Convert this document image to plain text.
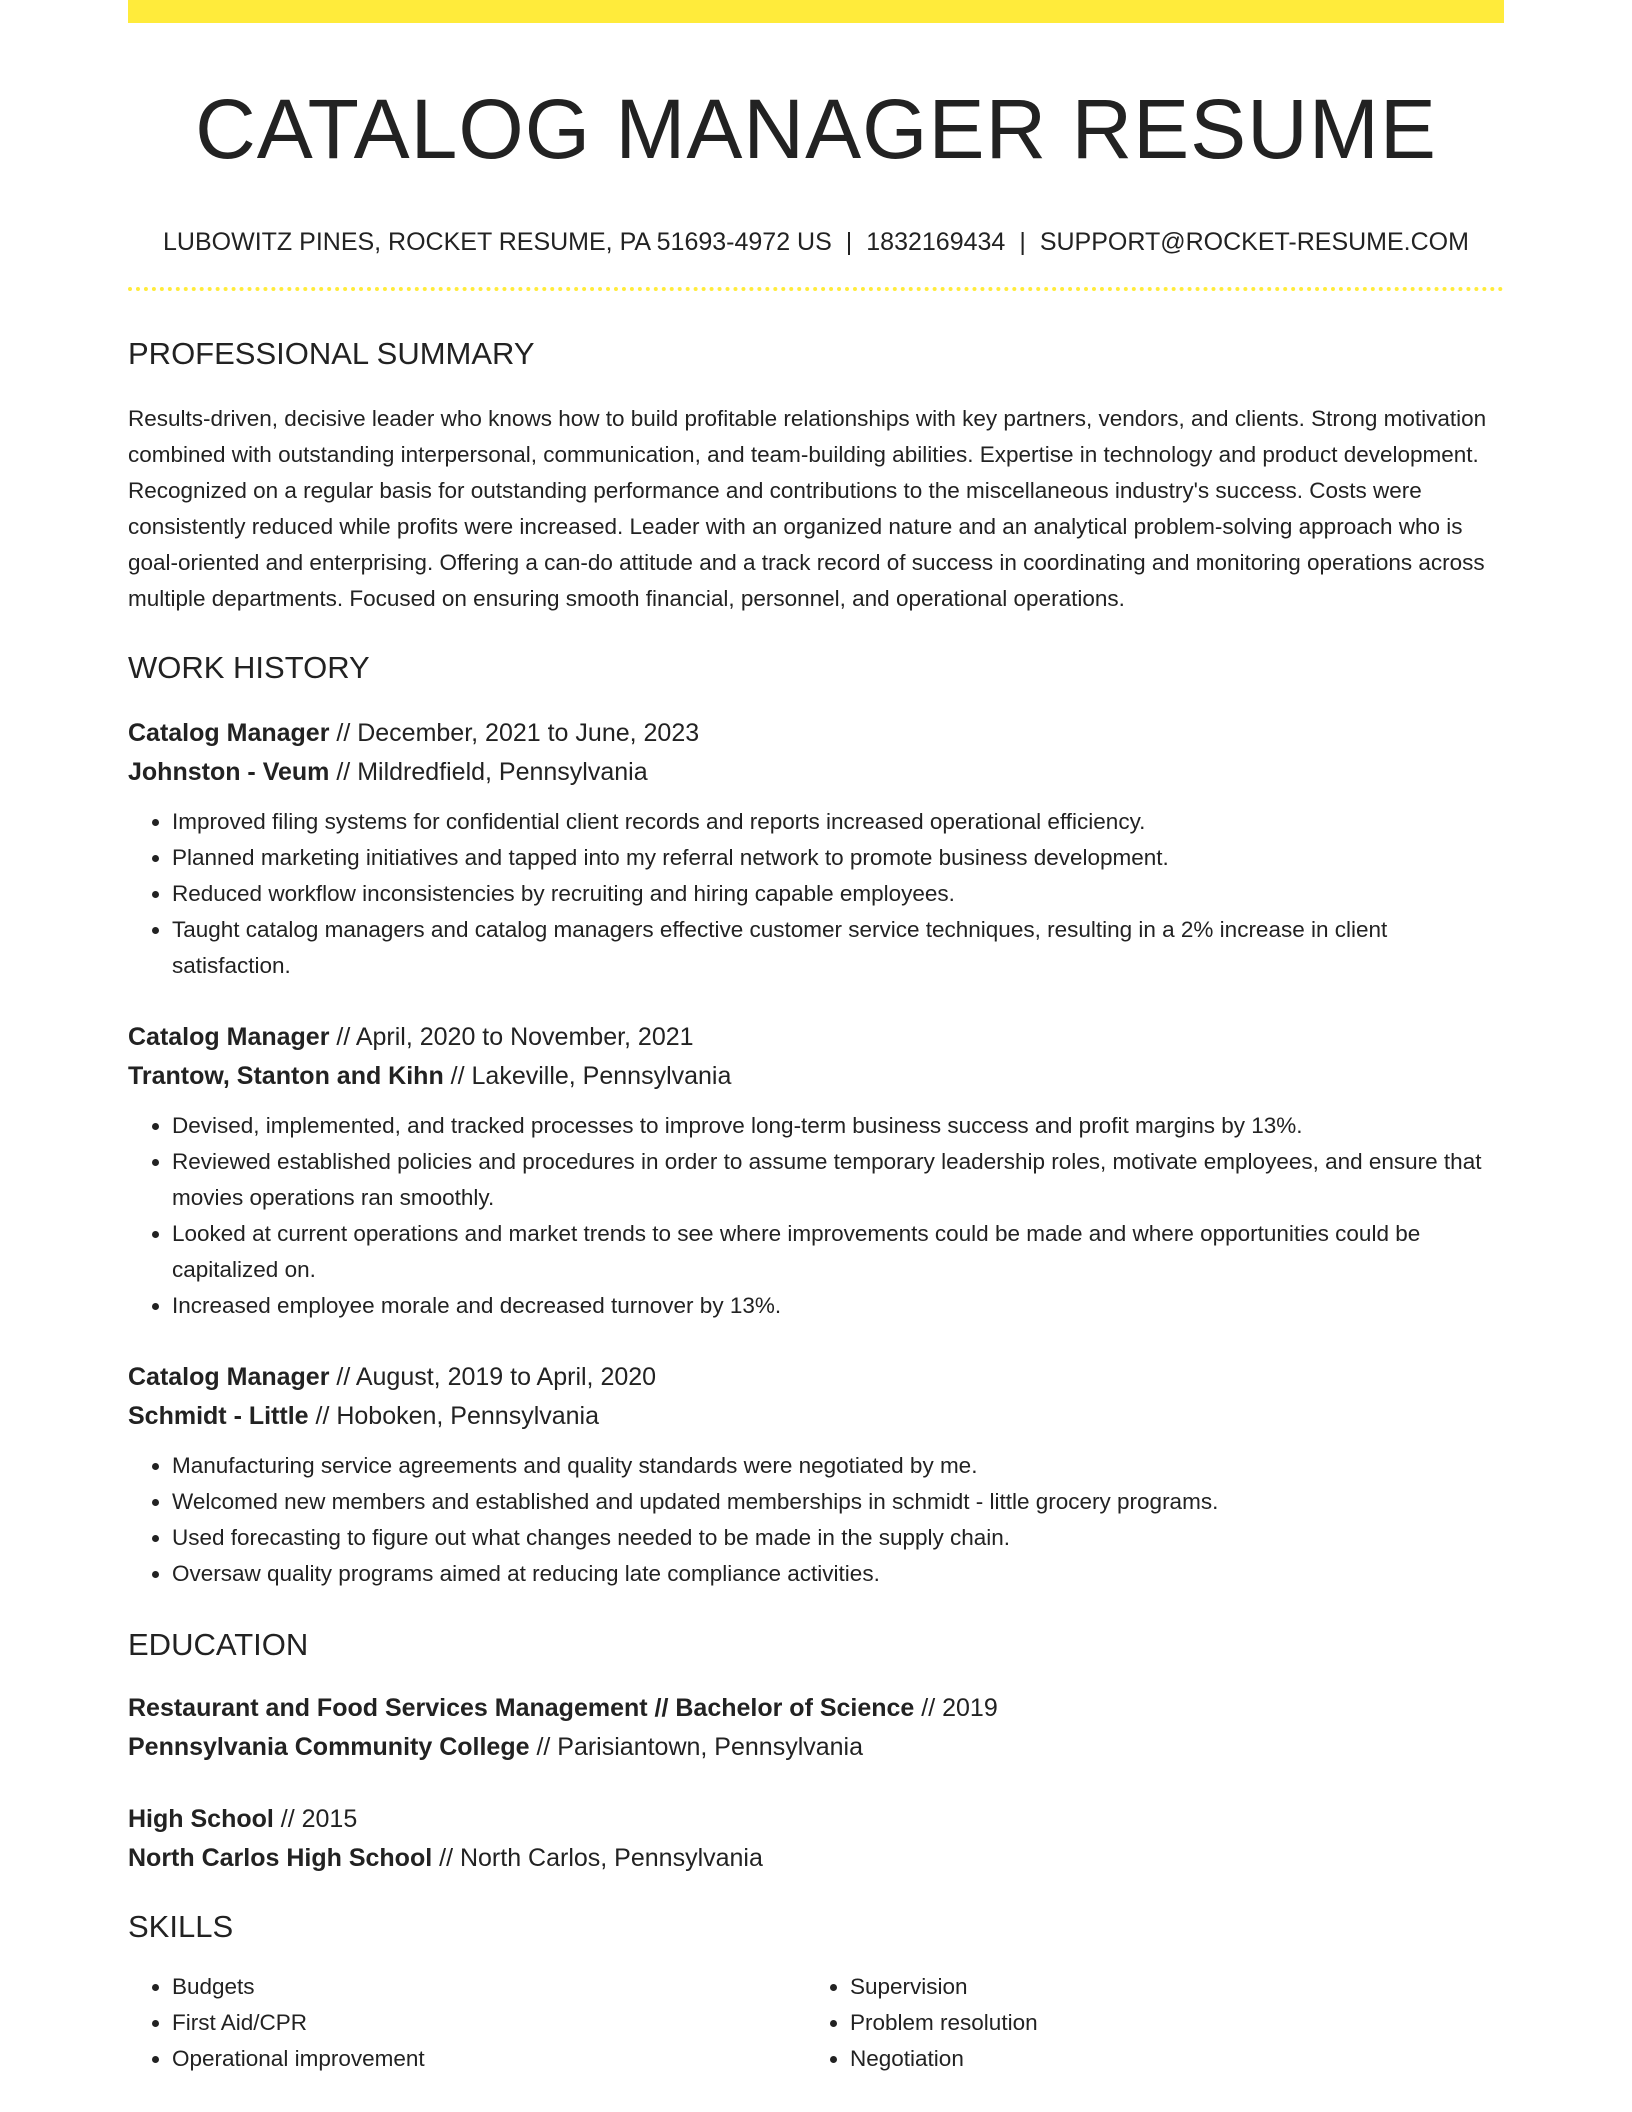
CATALOG MANAGER RESUME
LUBOWITZ PINES, ROCKET RESUME, PA 51693-4972 US | 1832169434 | SUPPORT@ROCKET-RESUME.COM
PROFESSIONAL SUMMARY

Results-driven, decisive leader who knows how to build profitable relationships with key partners, vendors, and clients. Strong motivation combined with outstanding interpersonal, communication, and team-building abilities. Expertise in technology and product development. Recognized on a regular basis for outstanding performance and contributions to the miscellaneous industry's success. Costs were consistently reduced while profits were increased. Leader with an organized nature and an analytical problem-solving approach who is goal-oriented and enterprising. Offering a can-do attitude and a track record of success in coordinating and monitoring operations across multiple departments. Focused on ensuring smooth financial, personnel, and operational operations.

WORK HISTORY
Catalog Manager // December, 2021 to June, 2023
Johnston - Veum // Mildredfield, Pennsylvania
• Improved filing systems for confidential client records and reports increased operational efficiency.
• Planned marketing initiatives and tapped into my referral network to promote business development.
• Reduced workflow inconsistencies by recruiting and hiring capable employees.
• Taught catalog managers and catalog managers effective customer service techniques, resulting in a 2% increase in client satisfaction.
Catalog Manager // April, 2020 to November, 2021
Trantow, Stanton and Kihn // Lakeville, Pennsylvania
• Devised, implemented, and tracked processes to improve long-term business success and profit margins by 13%.
• Reviewed established policies and procedures in order to assume temporary leadership roles, motivate employees, and ensure that movies operations ran smoothly.
• Looked at current operations and market trends to see where improvements could be made and where opportunities could be capitalized on.
• Increased employee morale and decreased turnover by 13%.
Catalog Manager // August, 2019 to April, 2020
Schmidt - Little // Hoboken, Pennsylvania
• Manufacturing service agreements and quality standards were negotiated by me.
• Welcomed new members and established and updated memberships in schmidt - little grocery programs.
• Used forecasting to figure out what changes needed to be made in the supply chain.
• Oversaw quality programs aimed at reducing late compliance activities.
EDUCATION
Restaurant and Food Services Management // Bachelor of Science // 2019
Pennsylvania Community College // Parisiantown, Pennsylvania
High School // 2015
North Carlos High School // North Carlos, Pennsylvania
SKILLS
• Budgets
• First Aid/CPR
• Operational improvement
• Supervision
• Problem resolution
• Negotiation
